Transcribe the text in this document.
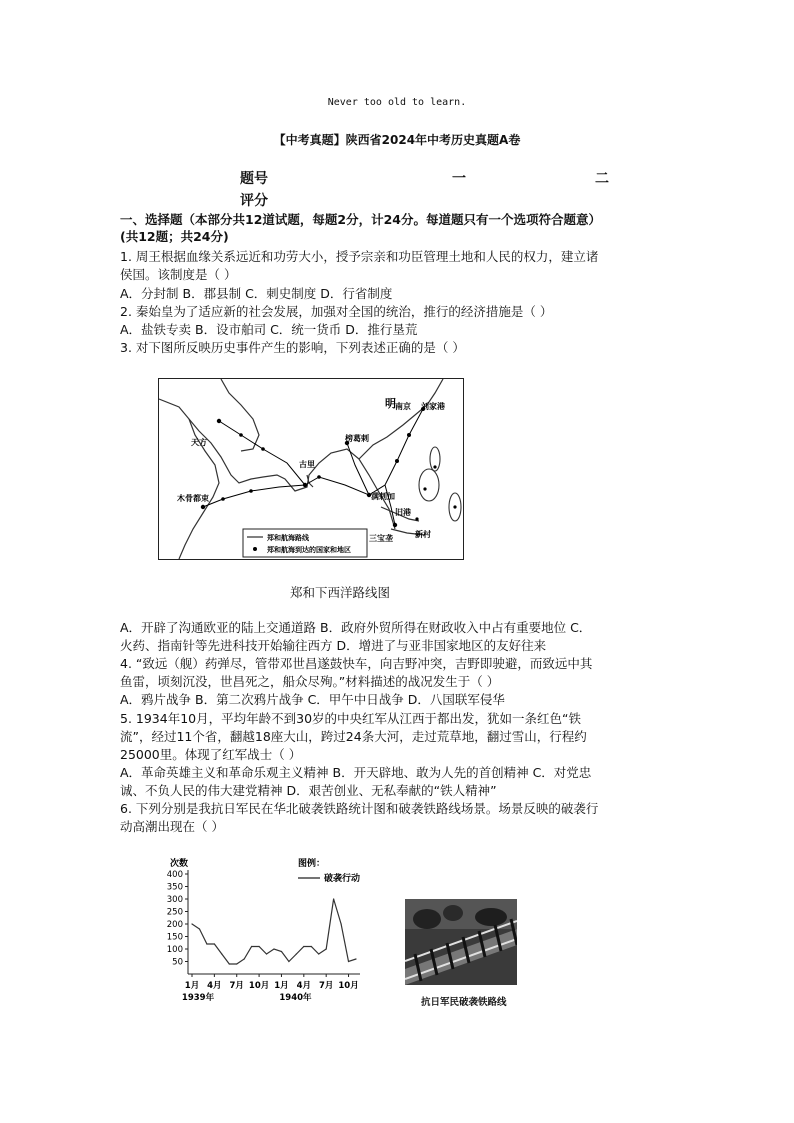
Never too old to learn.
【中考真题】陕西省2024年中考历史真题A卷
题号	一	二
评分
一、选择题（本部分共12道试题，每题2分，计24分。每道题只有一个选项符合题意）
(共12题；共24分)
1. 周王根据血缘关系远近和功劳大小，授予宗亲和功臣管理土地和人民的权力，建立诸
侯国。该制度是（ ）
A．分封制 B．郡县制 C．刺史制度 D．行省制度
2. 秦始皇为了适应新的社会发展，加强对全国的统治，推行的经济措施是（ ）
A．盐铁专卖 B．设市舶司 C．统一货币 D．推行垦荒
3. 对下图所反映历史事件产生的影响，下列表述正确的是（ ）
明 南京 刘家港
天方
古里
榜葛剌
木骨都束	满剌加
旧港
三宝垄	新村
郑和航海路线
郑和航海到达的国家和地区
郑和下西洋路线图
A．开辟了沟通欧亚的陆上交通道路 B．政府外贸所得在财政收入中占有重要地位 C．
火药、指南针等先进科技开始输往西方 D．增进了与亚非国家地区的友好往来
4. “致远（舰）药弹尽，管带邓世昌遂鼓快车，向吉野冲突，吉野即驶避，而致远中其
鱼雷，顷刻沉没，世昌死之，船众尽殉。”材料描述的战况发生于（ ）
A．鸦片战争 B．第二次鸦片战争 C．甲午中日战争 D．八国联军侵华
5. 1934年10月，平均年龄不到30岁的中央红军从江西于都出发，犹如一条红色“铁
流”，经过11个省，翻越18座大山，跨过24条大河，走过荒草地，翻过雪山，行程约
25000里。体现了红军战士（ ）
A．革命英雄主义和革命乐观主义精神 B．开天辟地、敢为人先的首创精神 C．对党忠
诚、不负人民的伟大建党精神 D．艰苦创业、无私奉献的“铁人精神”
6. 下列分别是我抗日军民在华北破袭铁路统计图和破袭铁路线场景。场景反映的破袭行
动高潮出现在（ ）
次数	图例：
破袭行动
50
100
150
200
250
300
350
400
1月 4月 7月 10月 1月 4月 7月 10月
1939年	1940年	抗日军民破袭铁路线
